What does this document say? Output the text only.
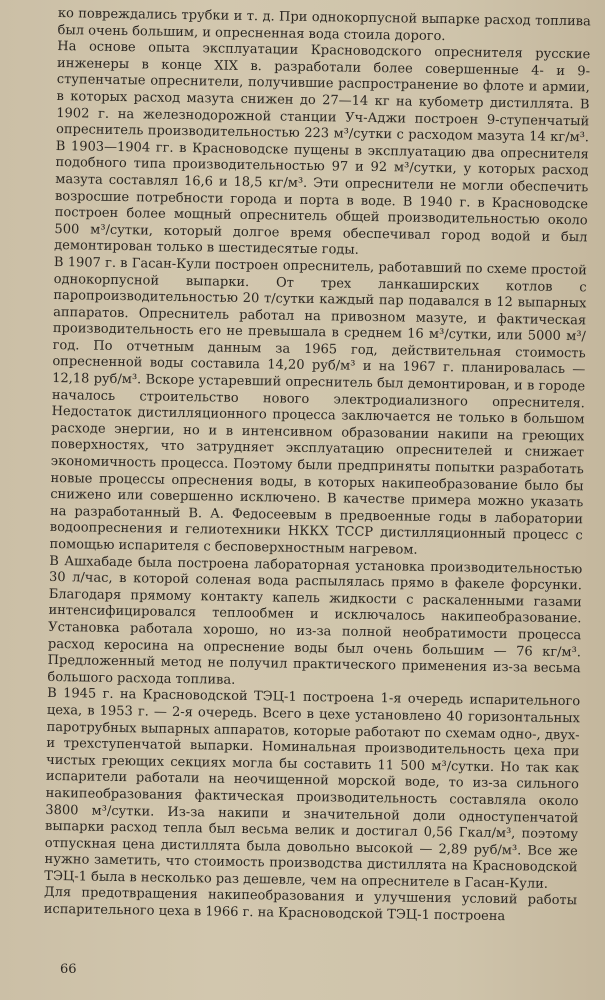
ко повреждались трубки и т. д. При однокорпусной выпарке расход топлива был очень большим, и опресненная вода стоила дорого.

На основе опыта эксплуатации Красноводского опреснителя русские инженеры в конце XIX в. разработали более совершенные 4- и 9-ступенчатые опреснители, получившие распространение во флоте и армии, в которых расход мазута снижен до 27—14 кг на кубометр дистиллята. В 1902 г. на железнодорожной станции Уч-Аджи построен 9-ступенчатый опреснитель производительностью 223 м³/сутки с расходом мазута 14 кг/м³. В 1903—1904 гг. в Красноводске пущены в эксплуатацию два опреснителя подобного типа производительностью 97 и 92 м³/сутки, у которых расход мазута составлял 16,6 и 18,5 кг/м³. Эти опреснители не могли обеспечить возросшие потребности города и порта в воде. В 1940 г. в Красноводске построен более мощный опреснитель общей производительностью около 500 м³/сутки, который долгое время обеспечивал город водой и был демонтирован только в шестидесятые годы.

В 1907 г. в Гасан-Кули построен опреснитель, работавший по схеме простой однокорпусной выпарки. От трех ланкаширских котлов с паропроизводительностью 20 т/сутки каждый пар подавался в 12 выпарных аппаратов. Опреснитель работал на привозном мазуте, и фактическая производительность его не превышала в среднем 16 м³/сутки, или 5000 м³/год. По отчетным данным за 1965 год, действительная стоимость опресненной воды составила 14,20 руб/м³ и на 1967 г. планировалась — 12,18 руб/м³. Вскоре устаревший опреснитель был демонтирован, и в городе началось строительство нового электродиализного опреснителя. Недостаток дистилляционного процесса заключается не только в большом расходе энергии, но и в интенсивном образовании накипи на греющих поверхностях, что затрудняет эксплуатацию опреснителей и снижает экономичность процесса. Поэтому были предприняты попытки разработать новые процессы опреснения воды, в которых накипеобразование было бы снижено или совершенно исключено. В качестве примера можно указать на разработанный В. А. Федосеевым в предвоенные годы в лаборатории водоопреснения и гелиотехники НККХ ТССР дистилляционный процесс с помощью испарителя с бесповерхностным нагревом.

В Ашхабаде была построена лабораторная установка производительностью 30 л/час, в которой соленая вода распылялась прямо в факеле форсунки. Благодаря прямому контакту капель жидкости с раскаленными газами интенсифицировался теплообмен и исключалось накипеобразование. Установка работала хорошо, но из-за полной необратимости процесса расход керосина на опреснение воды был очень большим — 76 кг/м³. Предложенный метод не получил практического применения из-за весьма большого расхода топлива.

В 1945 г. на Красноводской ТЭЦ-1 построена 1-я очередь испарительного цеха, в 1953 г. — 2-я очередь. Всего в цехе установлено 40 горизонтальных паротрубных выпарных аппаратов, которые работают по схемам одно-, двух- и трехступенчатой выпарки. Номинальная производительность цеха при чистых греющих секциях могла бы составить 11 500 м³/сутки. Но так как испарители работали на неочищенной морской воде, то из-за сильного накипеобразования фактическая производительность составляла около 3800 м³/сутки. Из-за накипи и значительной доли одноступенчатой выпарки расход тепла был весьма велик и достигал 0,56 Гкал/м³, поэтому отпускная цена дистиллята была довольно высокой — 2,89 руб/м³. Все же нужно заметить, что стоимость производства дистиллята на Красноводской ТЭЦ-1 была в несколько раз дешевле, чем на опреснителе в Гасан-Кули.

Для предотвращения накипеобразования и улучшения условий работы испарительного цеха в 1966 г. на Красноводской ТЭЦ-1 построена

66
